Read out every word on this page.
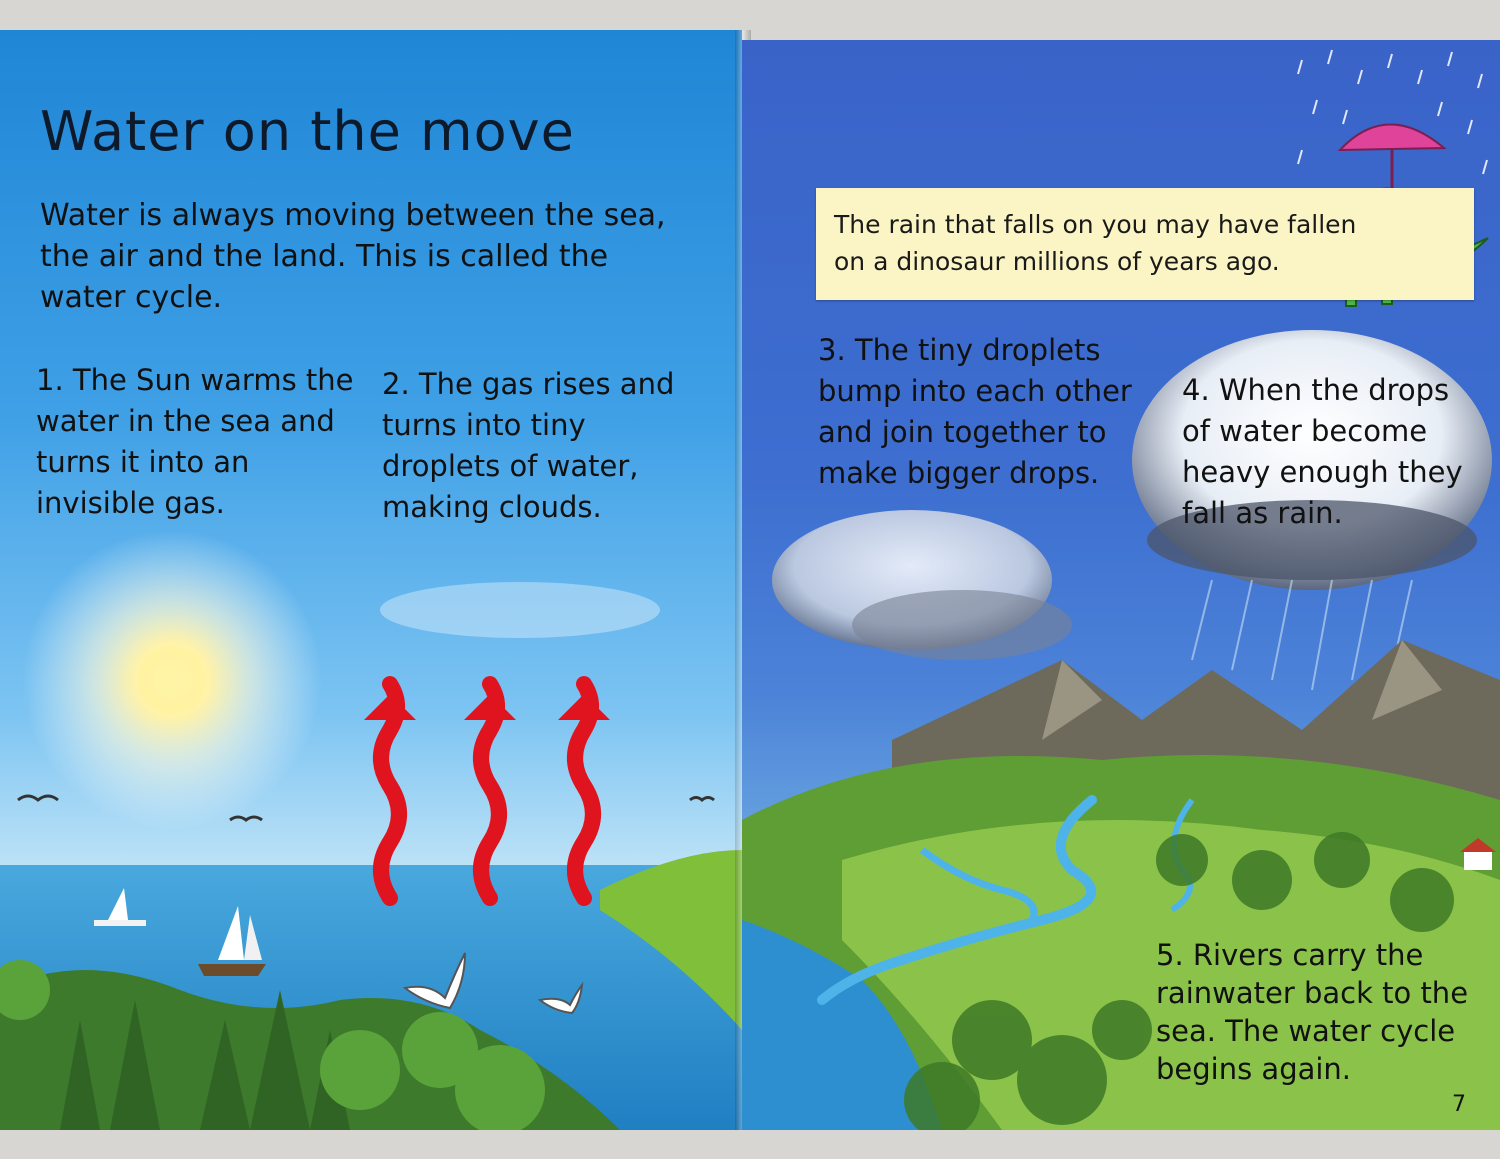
Water on the move
Water is always moving between the sea, the air and the land. This is called the water cycle.
1. The Sun warms the water in the sea and turns it into an invisible gas.
2. The gas rises and turns into tiny droplets of water, making clouds.
The rain that falls on you may have fallen on a dinosaur millions of years ago.
3. The tiny droplets bump into each other and join together to make bigger drops.
4. When the drops of water become heavy enough they fall as rain.
5. Rivers carry the rainwater back to the sea. The water cycle begins again.
7
